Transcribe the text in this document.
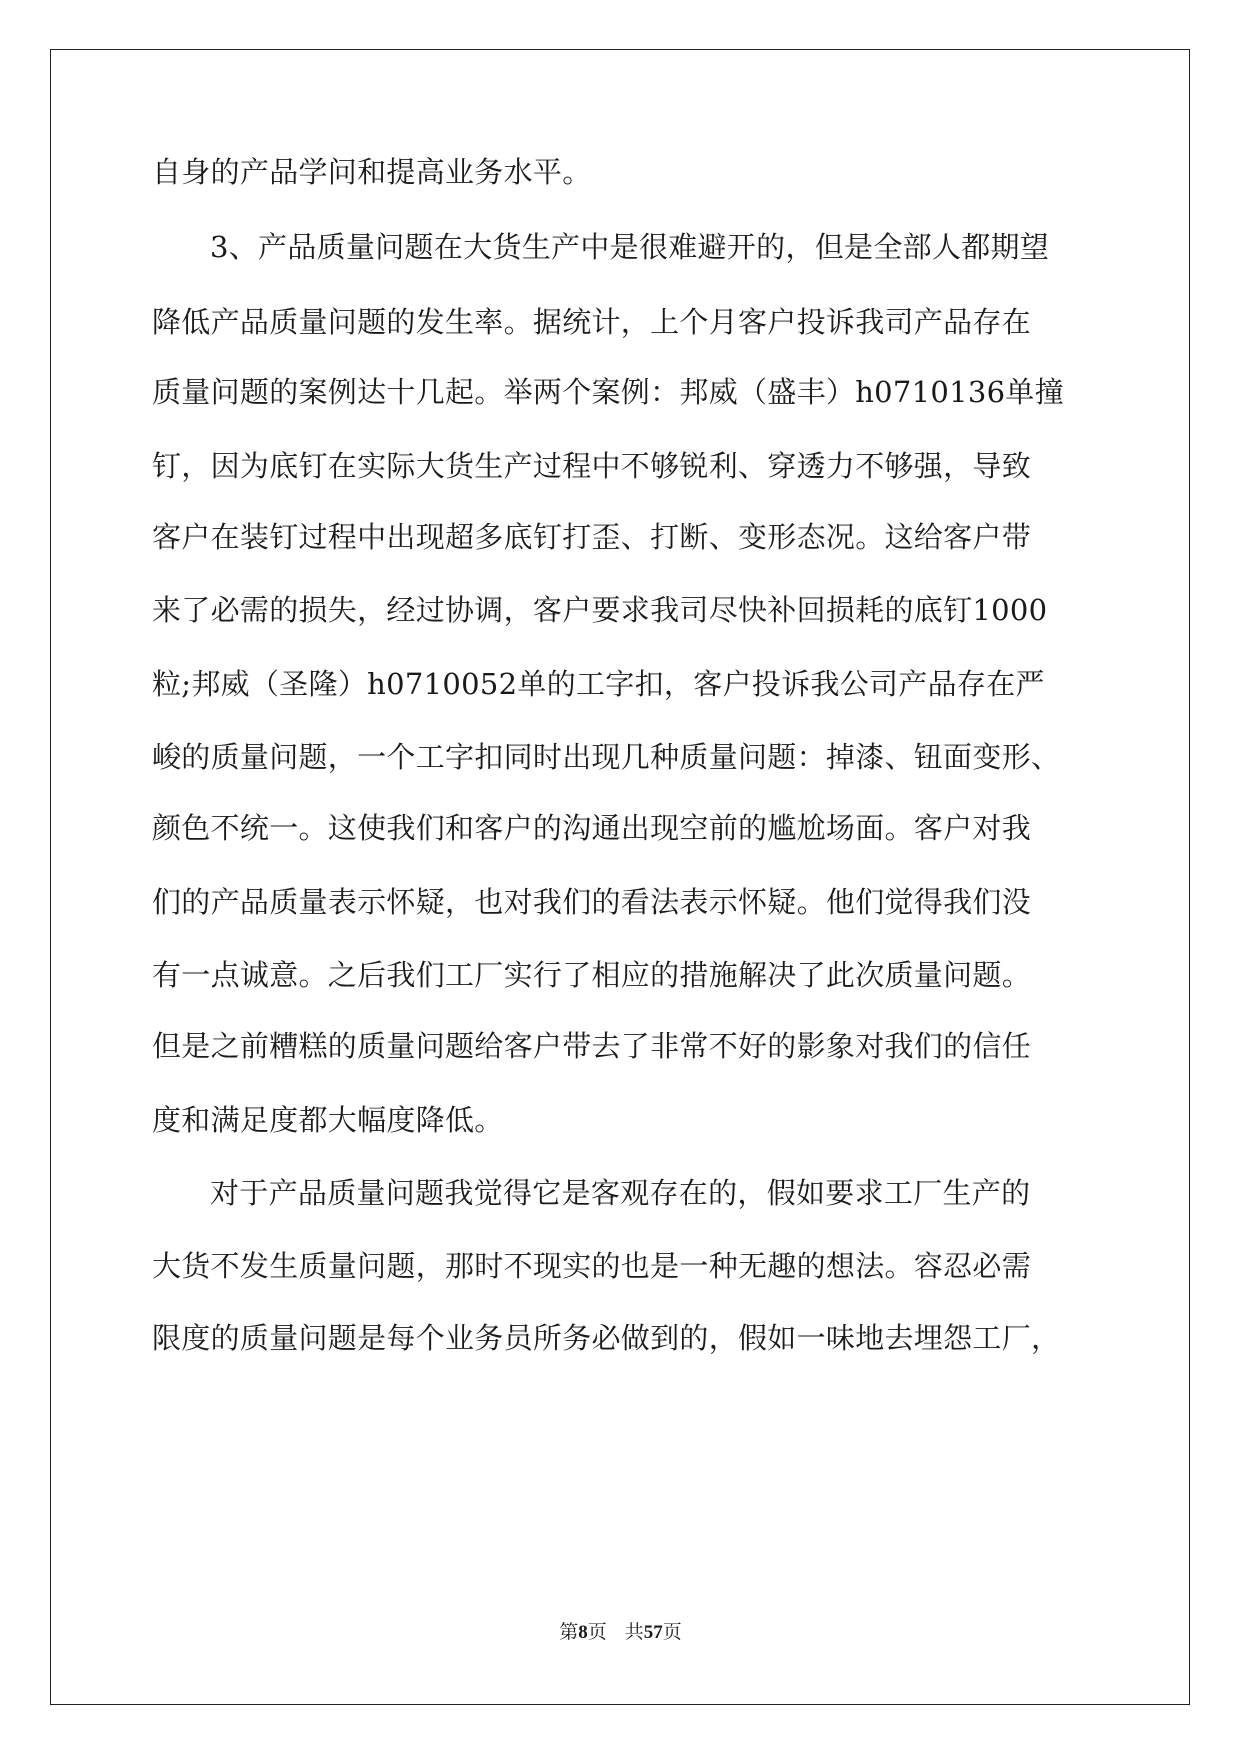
自身的产品学问和提高业务水平。
3、产品质量问题在大货生产中是很难避开的，但是全部人都期望
降低产品质量问题的发生率。据统计，上个月客户投诉我司产品存在
质量问题的案例达十几起。举两个案例：邦威（盛丰）h0710136单撞
钉，因为底钉在实际大货生产过程中不够锐利、穿透力不够强，导致
客户在装钉过程中出现超多底钉打歪、打断、变形态况。这给客户带
来了必需的损失，经过协调，客户要求我司尽快补回损耗的底钉1000
粒;邦威（圣隆）h0710052单的工字扣，客户投诉我公司产品存在严
峻的质量问题，一个工字扣同时出现几种质量问题：掉漆、钮面变形、
颜色不统一。这使我们和客户的沟通出现空前的尴尬场面。客户对我
们的产品质量表示怀疑，也对我们的看法表示怀疑。他们觉得我们没
有一点诚意。之后我们工厂实行了相应的措施解决了此次质量问题。
但是之前糟糕的质量问题给客户带去了非常不好的影象对我们的信任
度和满足度都大幅度降低。
对于产品质量问题我觉得它是客观存在的，假如要求工厂生产的
大货不发生质量问题，那时不现实的也是一种无趣的想法。容忍必需
限度的质量问题是每个业务员所务必做到的，假如一味地去埋怨工厂，
第8页 共57页
